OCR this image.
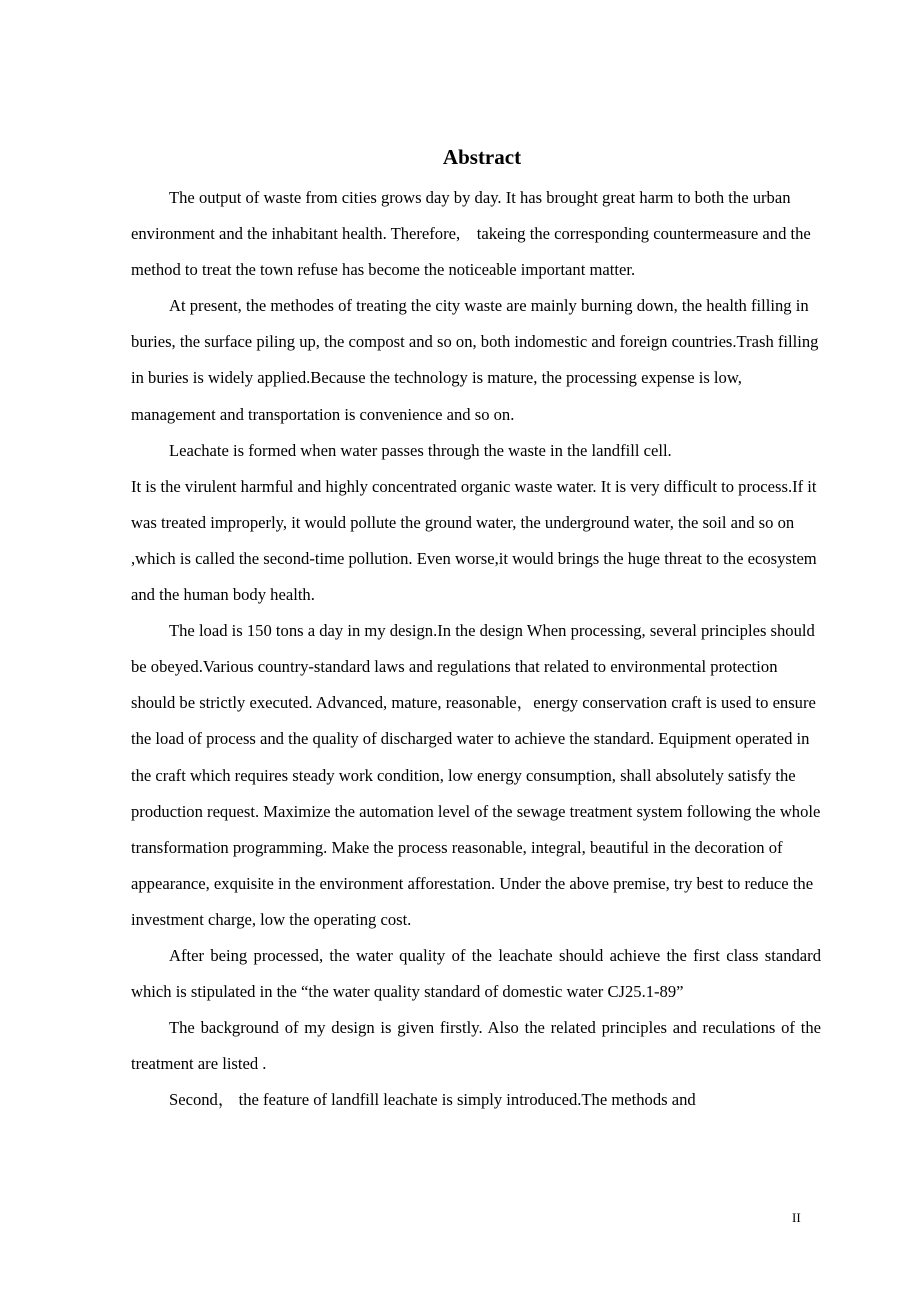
Abstract

The output of waste from cities grows day by day. It has brought great harm to both the urban environment and the inhabitant health. Therefore,    takeing the corresponding countermeasure and the method to treat the town refuse has become the noticeable important matter.

At present, the methodes of treating the city waste are mainly burning down, the health filling in buries, the surface piling up, the compost and so on, both indomestic and foreign countries.Trash filling in buries is widely applied.Because the technology is mature, the processing expense is low, management and transportation is convenience and so on.

Leachate is formed when water passes through the waste in the landfill cell.

It is the virulent harmful and highly concentrated organic waste water. It is very difficult to process.If it was treated improperly, it would pollute the ground water, the underground water, the soil and so on ,which is called the second-time pollution. Even worse,it would brings the huge threat to the ecosystem and the human body health.

The load is 150 tons a day in my design.In the design When processing, several principles should be obeyed.Various country-standard laws and regulations that related to environmental protection should be strictly executed. Advanced, mature, reasonable，energy conservation craft is used to ensure the load of process and the quality of discharged water to achieve the standard. Equipment operated in the craft which requires steady work condition, low energy consumption, shall absolutely satisfy the production request. Maximize the automation level of the sewage treatment system following the whole transformation programming. Make the process reasonable, integral, beautiful in the decoration of appearance, exquisite in the environment afforestation. Under the above premise, try best to reduce the investment charge, low the operating cost.

After being processed, the water quality of the leachate should achieve the first class standard which is stipulated in the “the water quality standard of domestic water CJ25.1-89”

The background of my design is given firstly. Also the related principles and reculations of the treatment are listed .

Second， the feature of landfill leachate is simply introduced.The methods and

II
